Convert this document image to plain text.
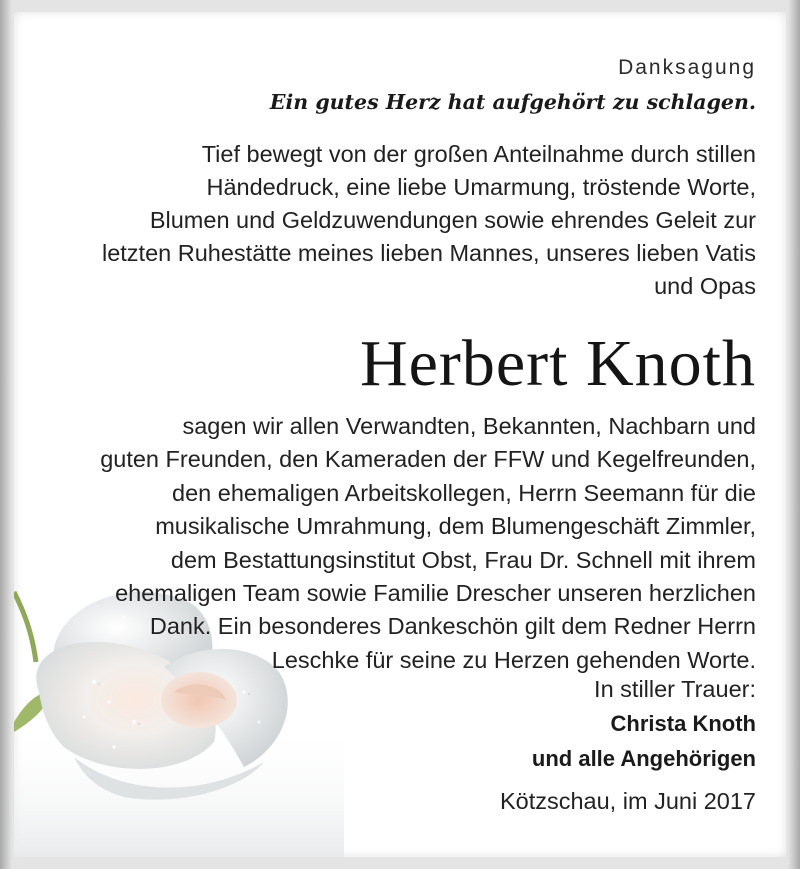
Danksagung

Ein gutes Herz hat aufgehört zu schlagen.

Tief bewegt von der großen Anteilnahme durch stillen
Händedruck, eine liebe Umarmung, tröstende Worte,
Blumen und Geldzuwendungen sowie ehrendes Geleit zur
letzten Ruhestätte meines lieben Mannes, unseres lieben Vatis
und Opas

Herbert Knoth

sagen wir allen Verwandten, Bekannten, Nachbarn und
guten Freunden, den Kameraden der FFW und Kegelfreunden,
den ehemaligen Arbeitskollegen, Herrn Seemann für die
musikalische Umrahmung, dem Blumengeschäft Zimmler,
dem Bestattungsinstitut Obst, Frau Dr. Schnell mit ihrem
ehemaligen Team sowie Familie Drescher unseren herzlichen
Dank. Ein besonderes Dankeschön gilt dem Redner Herrn
Leschke für seine zu Herzen gehenden Worte.

In stiller Trauer:

Christa Knoth

und alle Angehörigen

Kötzschau, im Juni 2017
